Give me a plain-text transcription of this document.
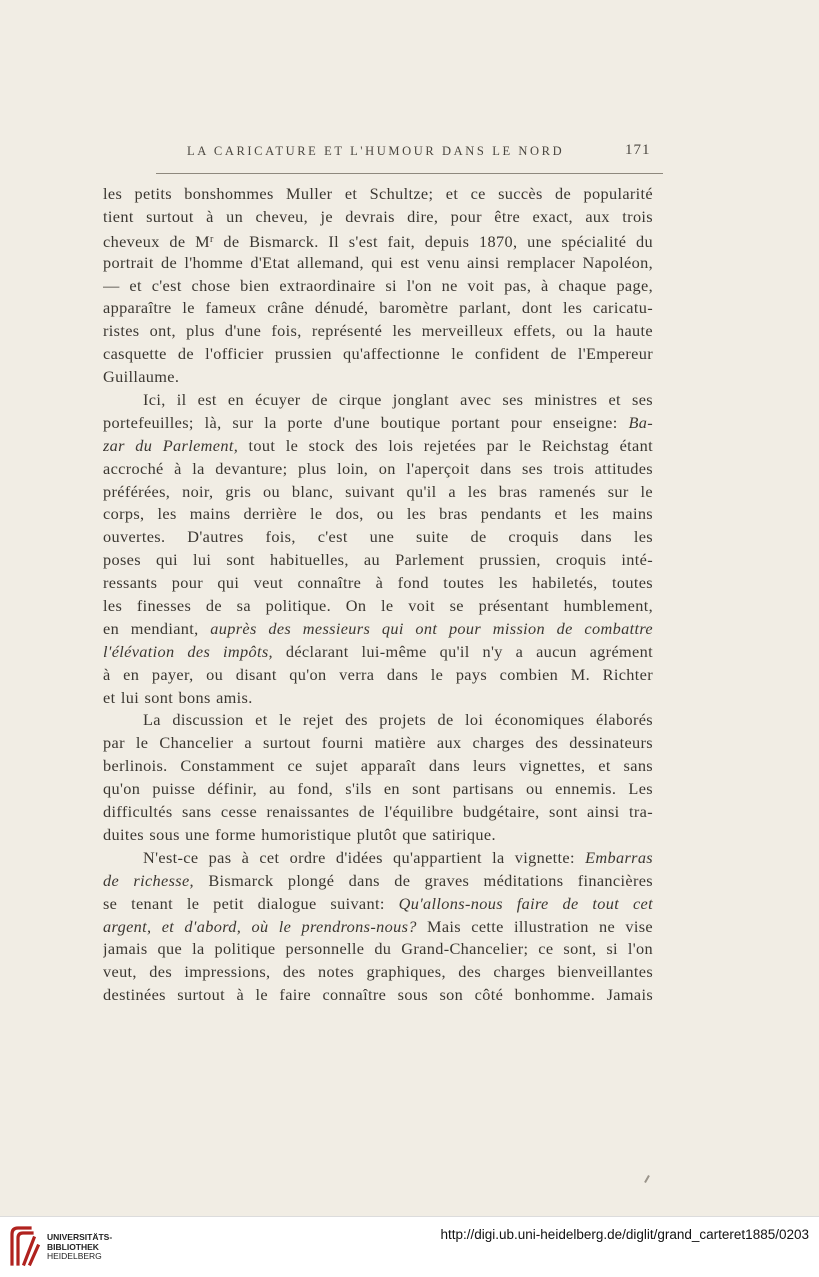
LA CARICATURE ET L'HUMOUR DANS LE NORD	171
les petits bonshommes Muller et Schultze; et ce succès de popularité
tient surtout à un cheveu, je devrais dire, pour être exact, aux trois
cheveux de $M^r$ de Bismarck. Il s'est fait, depuis 1870, une spécialité du
portrait de l'homme d'Etat allemand, qui est venu ainsi remplacer Napoléon,
— et c'est chose bien extraordinaire si l'on ne voit pas, à chaque page,
apparaître le fameux crâne dénudé, baromètre parlant, dont les caricatu-
ristes ont, plus d'une fois, représenté les merveilleux effets, ou la haute
casquette de l'officier prussien qu'affectionne le confident de l'Empereur
Guillaume.
Ici, il est en écuyer de cirque jonglant avec ses ministres et ses
portefeuilles; là, sur la porte d'une boutique portant pour enseigne: Ba-
zar du Parlement, tout le stock des lois rejetées par le Reichstag étant
accroché à la devanture; plus loin, on l'aperçoit dans ses trois attitudes
préférées, noir, gris ou blanc, suivant qu'il a les bras ramenés sur le
corps, les mains derrière le dos, ou les bras pendants et les mains
ouvertes. D'autres fois, c'est une suite de croquis dans les
poses qui lui sont habituelles, au Parlement prussien, croquis inté-
ressants pour qui veut connaître à fond toutes les habiletés, toutes
les finesses de sa politique. On le voit se présentant humblement,
en mendiant, auprès des messieurs qui ont pour mission de combattre
l'élévation des impôts, déclarant lui-même qu'il n'y a aucun agrément
à en payer, ou disant qu'on verra dans le pays combien M. Richter
et lui sont bons amis.
La discussion et le rejet des projets de loi économiques élaborés
par le Chancelier a surtout fourni matière aux charges des dessinateurs
berlinois. Constamment ce sujet apparaît dans leurs vignettes, et sans
qu'on puisse définir, au fond, s'ils en sont partisans ou ennemis. Les
difficultés sans cesse renaissantes de l'équilibre budgétaire, sont ainsi tra-
duites sous une forme humoristique plutôt que satirique.
N'est-ce pas à cet ordre d'idées qu'appartient la vignette: Embarras
de richesse, Bismarck plongé dans de graves méditations financières
se tenant le petit dialogue suivant: Qu'allons-nous faire de tout cet
argent, et d'abord, où le prendrons-nous? Mais cette illustration ne vise
jamais que la politique personnelle du Grand-Chancelier; ce sont, si l'on
veut, des impressions, des notes graphiques, des charges bienveillantes
destinées surtout à le faire connaître sous son côté bonhomme. Jamais
UNIVERSITÄTS-
BIBLIOTHEK
HEIDELBERG
http://digi.ub.uni-heidelberg.de/diglit/grand_carteret1885/0203
